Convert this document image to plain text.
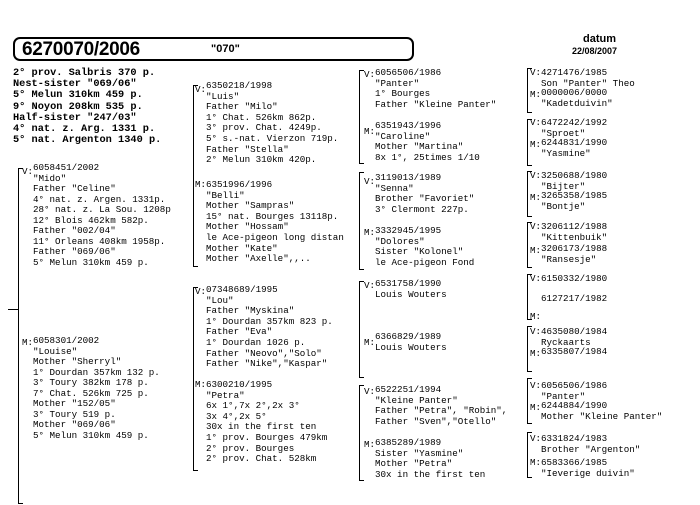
6270070/2006	"070"
datum
22/08/2007
2° prov. Salbris 370 p.
Nest-sister "069/06"
5° Melun 310km 459 p.
9° Noyon 208km 535 p.
Half-sister "247/03"
4° nat. z. Arg. 1331 p.
5° nat. Argenton 1340 p.
V: 6058451/2002
"Mido"
Father "Celine"
4° nat. z. Argen. 1331p.
28° nat. z. La Sou. 1208p
12° Blois 462km 582p.
Father "002/04"
11° Orleans 408km 1958p.
Father "069/06"
5° Melun 310km 459 p.
M: 6058301/2002
"Louise"
Mother "Sherryl"
1° Dourdan 357km 132 p.
3° Toury 382km 178 p.
7° Chat. 526km 725 p.
Mother "152/05"
3° Toury 519 p.
Mother "069/06"
5° Melun 310km 459 p.
V: 6350218/1998
"Luis"
Father "Milo"
1° Chat. 526km 862p.
3° prov. Chat. 4249p.
5° s.-nat. Vierzon 719p.
Father "Stella"
2° Melun 310km 420p.
M: 6351996/1996
"Belli"
Mother "Sampras"
15° nat. Bourges 13118p.
Mother "Hossam"
le Ace-pigeon long distan
Mother "Kate"
Mother "Axelle",,..
V: 07348689/1995
"Lou"
Father "Myskina"
1° Dourdan 357km 823 p.
Father "Eva"
1° Dourdan 1026 p.
Father "Neovo","Solo"
Father "Nike","Kaspar"
M: 6300210/1995
"Petra"
6x 1°,7x 2°,2x 3°
3x 4°,2x 5°
30x in the first ten
1° prov. Bourges 479km
2° prov. Bourges
2° prov. Chat. 528km
V: 6056506/1986
"Panter"
1° Bourges
Father "Kleine Panter"
M:
6351943/1996
"Caroline"
Mother "Martina"
8x 1°, 25times 1/10
V: 3119013/1989
"Senna"
Brother "Favoriet"
3° Clermont 227p.
M: 3332945/1995
"Dolores"
Sister "Kolonel"
le Ace-pigeon Fond
V: 6531758/1990
Louis Wouters
M:
6366829/1989
Louis Wouters
V: 6522251/1994
"Kleine Panter"
Father "Petra", "Robin",
Father "Sven","Otello"
M: 6385289/1989
Sister "Yasmine"
Mother "Petra"
30x in the first ten
V: 4271476/1985
Son "Panter" Theo
M: 0000006/0000
"Kadetduivin"
V: 6472242/1992
"Sproet"
M: 6244831/1990
"Yasmine"
V: 3250688/1980
"Bijter"
M: 3265358/1985
"Bontje"
V: 3206112/1988
"Kittenbuik"
M: 3206173/1988
"Ransesje"
V: 6150332/1980
M:
6127217/1982
V: 4635080/1984
Ryckaarts
M: 6335807/1984
V: 6056506/1986
"Panter"
M: 6244884/1990
Mother "Kleine Panter"
V: 6331824/1983
Brother "Argenton"
M: 6583366/1985
"Ieverige duivin"
